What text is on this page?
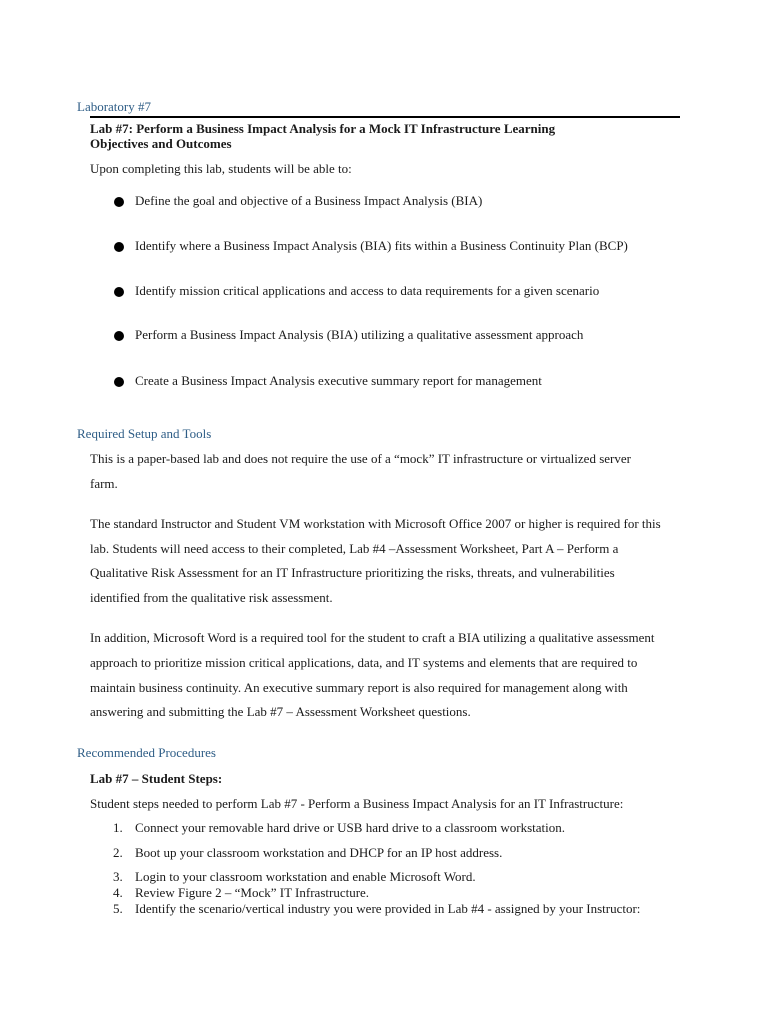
Laboratory #7
Lab #7: Perform a Business Impact Analysis for a Mock IT Infrastructure Learning
Objectives and Outcomes
Upon completing this lab, students will be able to:
Define the goal and objective of a Business Impact Analysis (BIA)
Identify where a Business Impact Analysis (BIA) fits within a Business Continuity Plan (BCP)
Identify mission critical applications and access to data requirements for a given scenario
Perform a Business Impact Analysis (BIA) utilizing a qualitative assessment approach
Create a Business Impact Analysis executive summary report for management
Required Setup and Tools
This is a paper-based lab and does not require the use of a “mock” IT infrastructure or virtualized server
farm.
The standard Instructor and Student VM workstation with Microsoft Office 2007 or higher is required for this
lab. Students will need access to their completed, Lab #4 –Assessment Worksheet, Part A – Perform a
Qualitative Risk Assessment for an IT Infrastructure prioritizing the risks, threats, and vulnerabilities
identified from the qualitative risk assessment.
In addition, Microsoft Word is a required tool for the student to craft a BIA utilizing a qualitative assessment
approach to prioritize mission critical applications, data, and IT systems and elements that are required to
maintain business continuity. An executive summary report is also required for management along with
answering and submitting the Lab #7 – Assessment Worksheet questions.
Recommended Procedures
Lab #7 – Student Steps:
Student steps needed to perform Lab #7 - Perform a Business Impact Analysis for an IT Infrastructure:
1. Connect your removable hard drive or USB hard drive to a classroom workstation.
2. Boot up your classroom workstation and DHCP for an IP host address.
3. Login to your classroom workstation and enable Microsoft Word.
4. Review Figure 2 – “Mock” IT Infrastructure.
5. Identify the scenario/vertical industry you were provided in Lab #4 - assigned by your Instructor:
